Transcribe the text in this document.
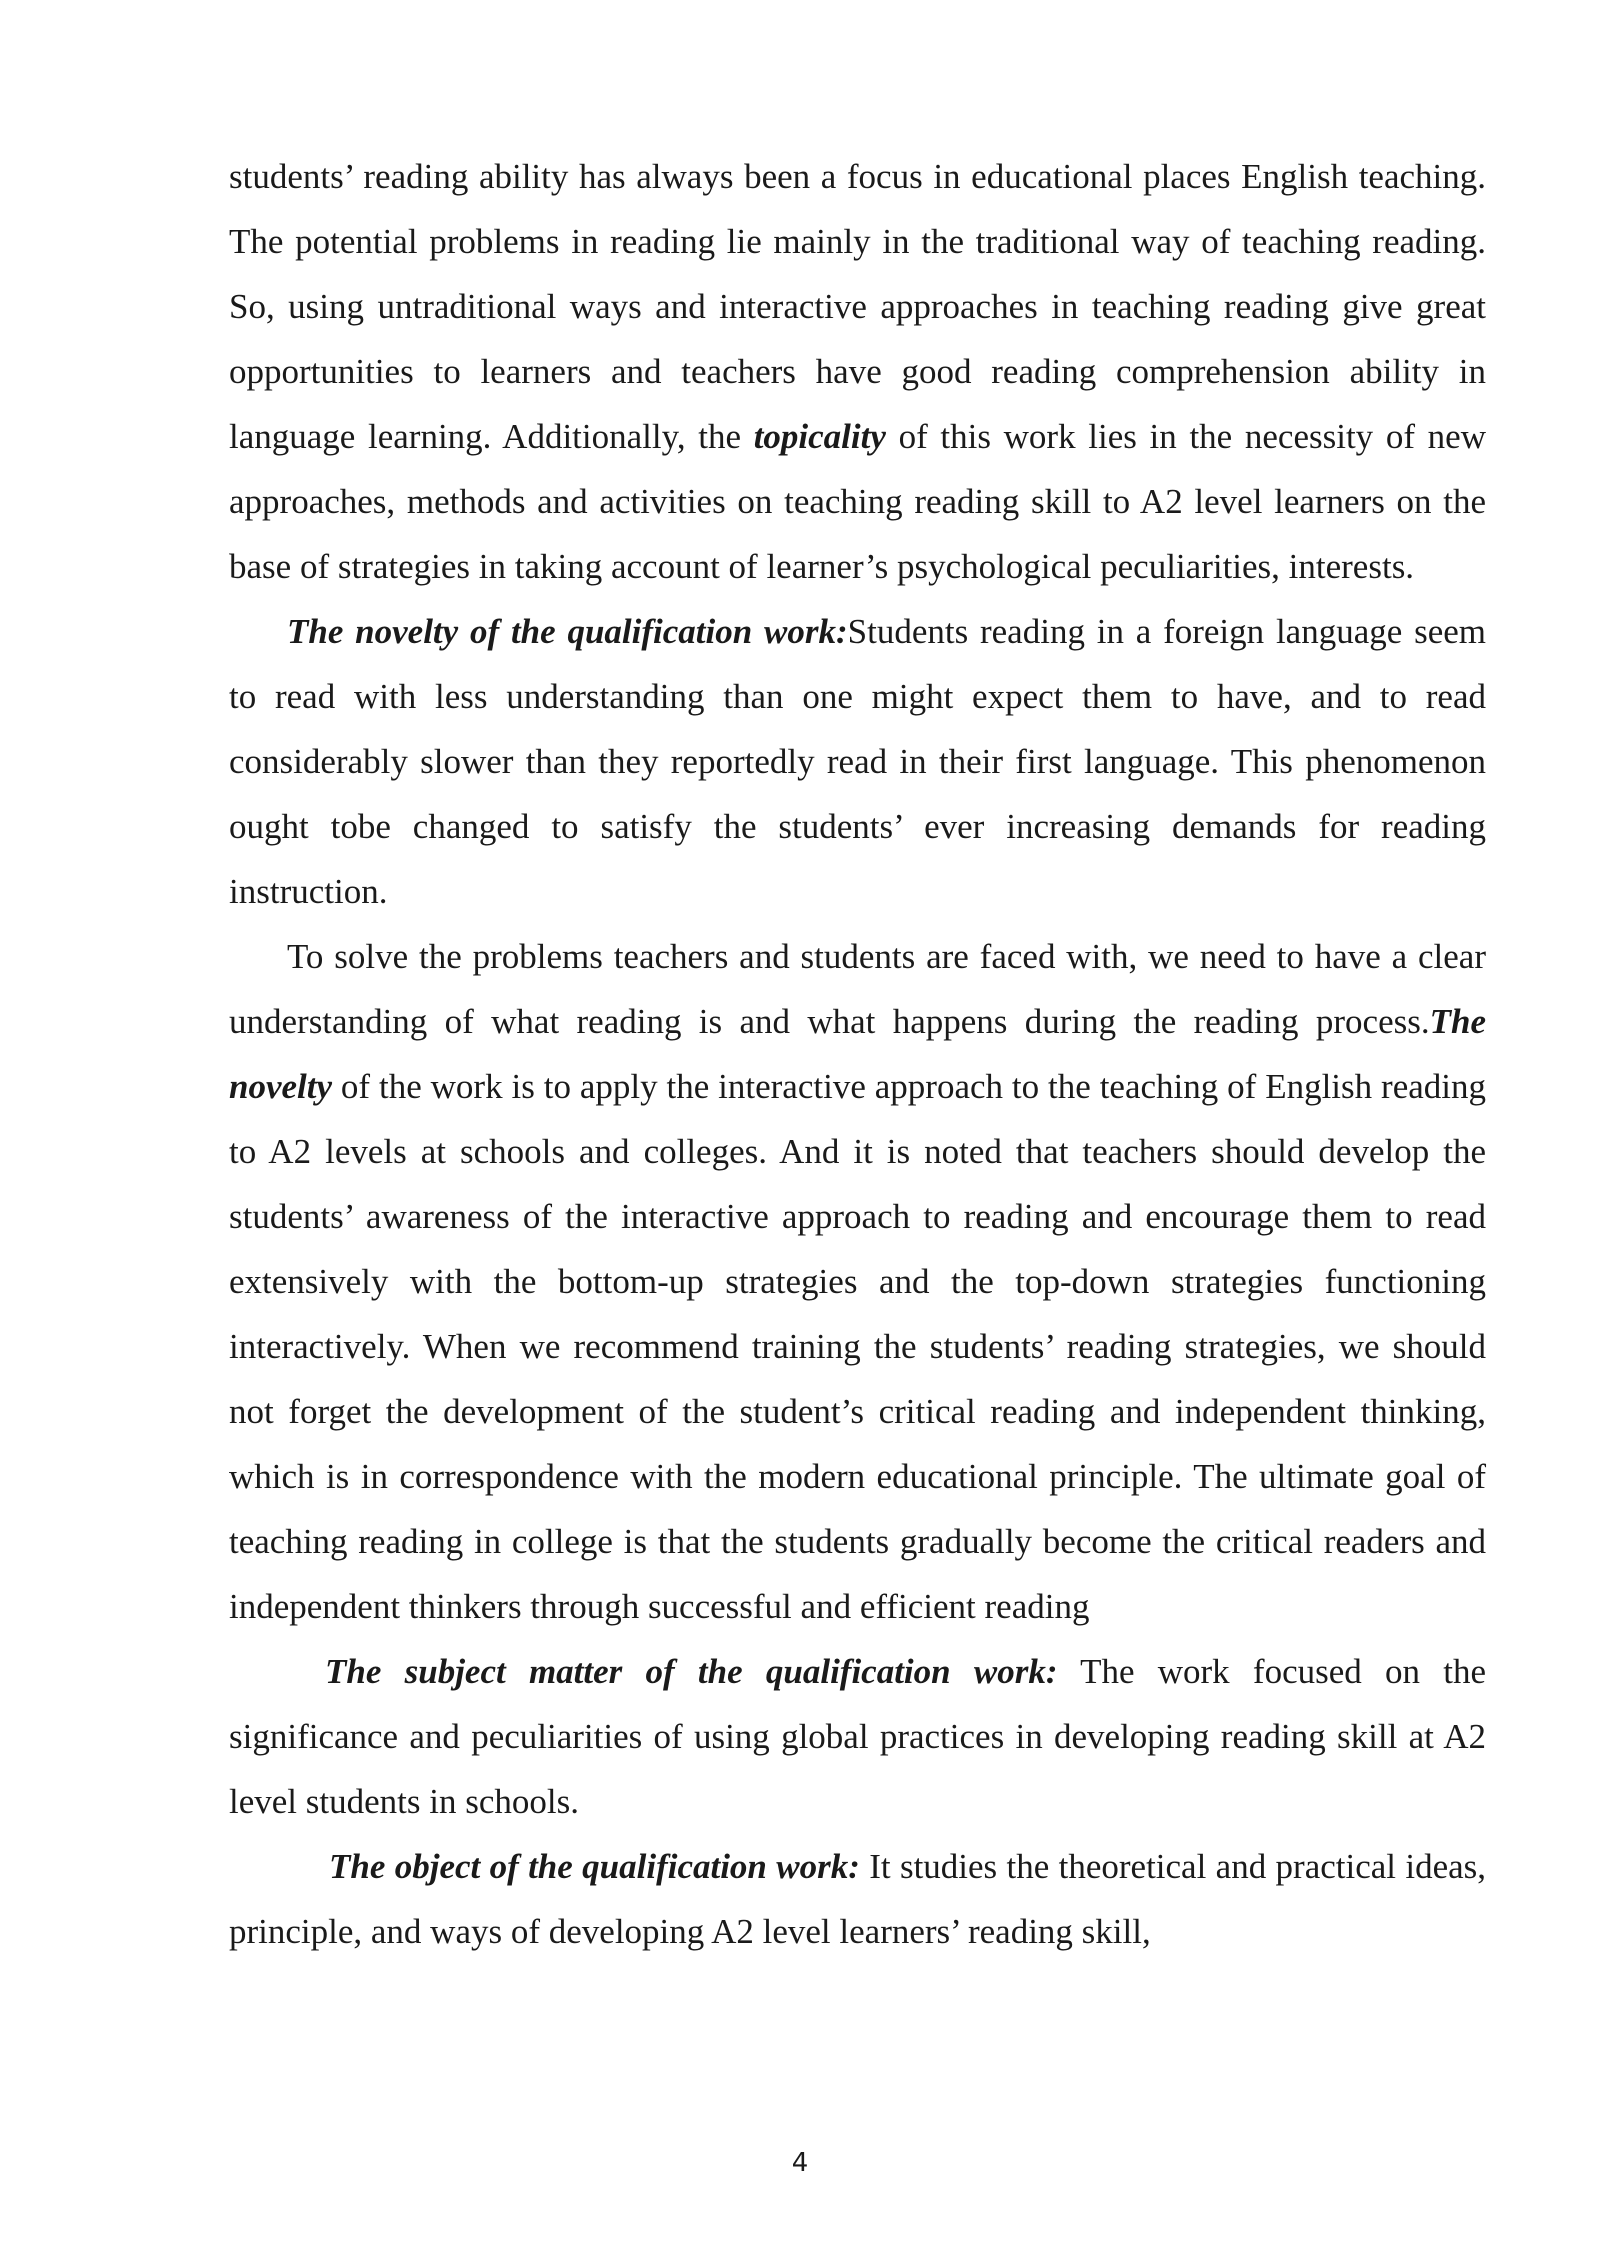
students’ reading ability has always been a focus in educational places English teaching. The potential problems in reading lie mainly in the traditional way of teaching reading. So, using untraditional ways and interactive approaches in teaching reading give great opportunities to learners and teachers have good reading comprehension ability in language learning. Additionally, the topicality of this work lies in the necessity of new approaches, methods and activities on teaching reading skill to A2 level learners on the base of strategies in taking account of learner’s psychological peculiarities, interests.

The novelty of the qualification work:Students reading in a foreign language seem to read with less understanding than one might expect them to have, and to read considerably slower than they reportedly read in their first language. This phenomenon ought tobe changed to satisfy the students’ ever increasing demands for reading instruction.

To solve the problems teachers and students are faced with, we need to have a clear understanding of what reading is and what happens during the reading process.The novelty of the work is to apply the interactive approach to the teaching of English reading to A2 levels at schools and colleges. And it is noted that teachers should develop the students’ awareness of the interactive approach to reading and encourage them to read extensively with the bottom-up strategies and the top-down strategies functioning interactively. When we recommend training the students’ reading strategies, we should not forget the development of the student’s critical reading and independent thinking, which is in correspondence with the modern educational principle. The ultimate goal of teaching reading in college is that the students gradually become the critical readers and independent thinkers through successful and efficient reading

The subject matter of the qualification work: The work focused on the significance and peculiarities of using global practices in developing reading skill at A2 level students in schools.

The object of the qualification work: It studies the theoretical and practical ideas, principle, and ways of developing A2 level learners’ reading skill,

4
